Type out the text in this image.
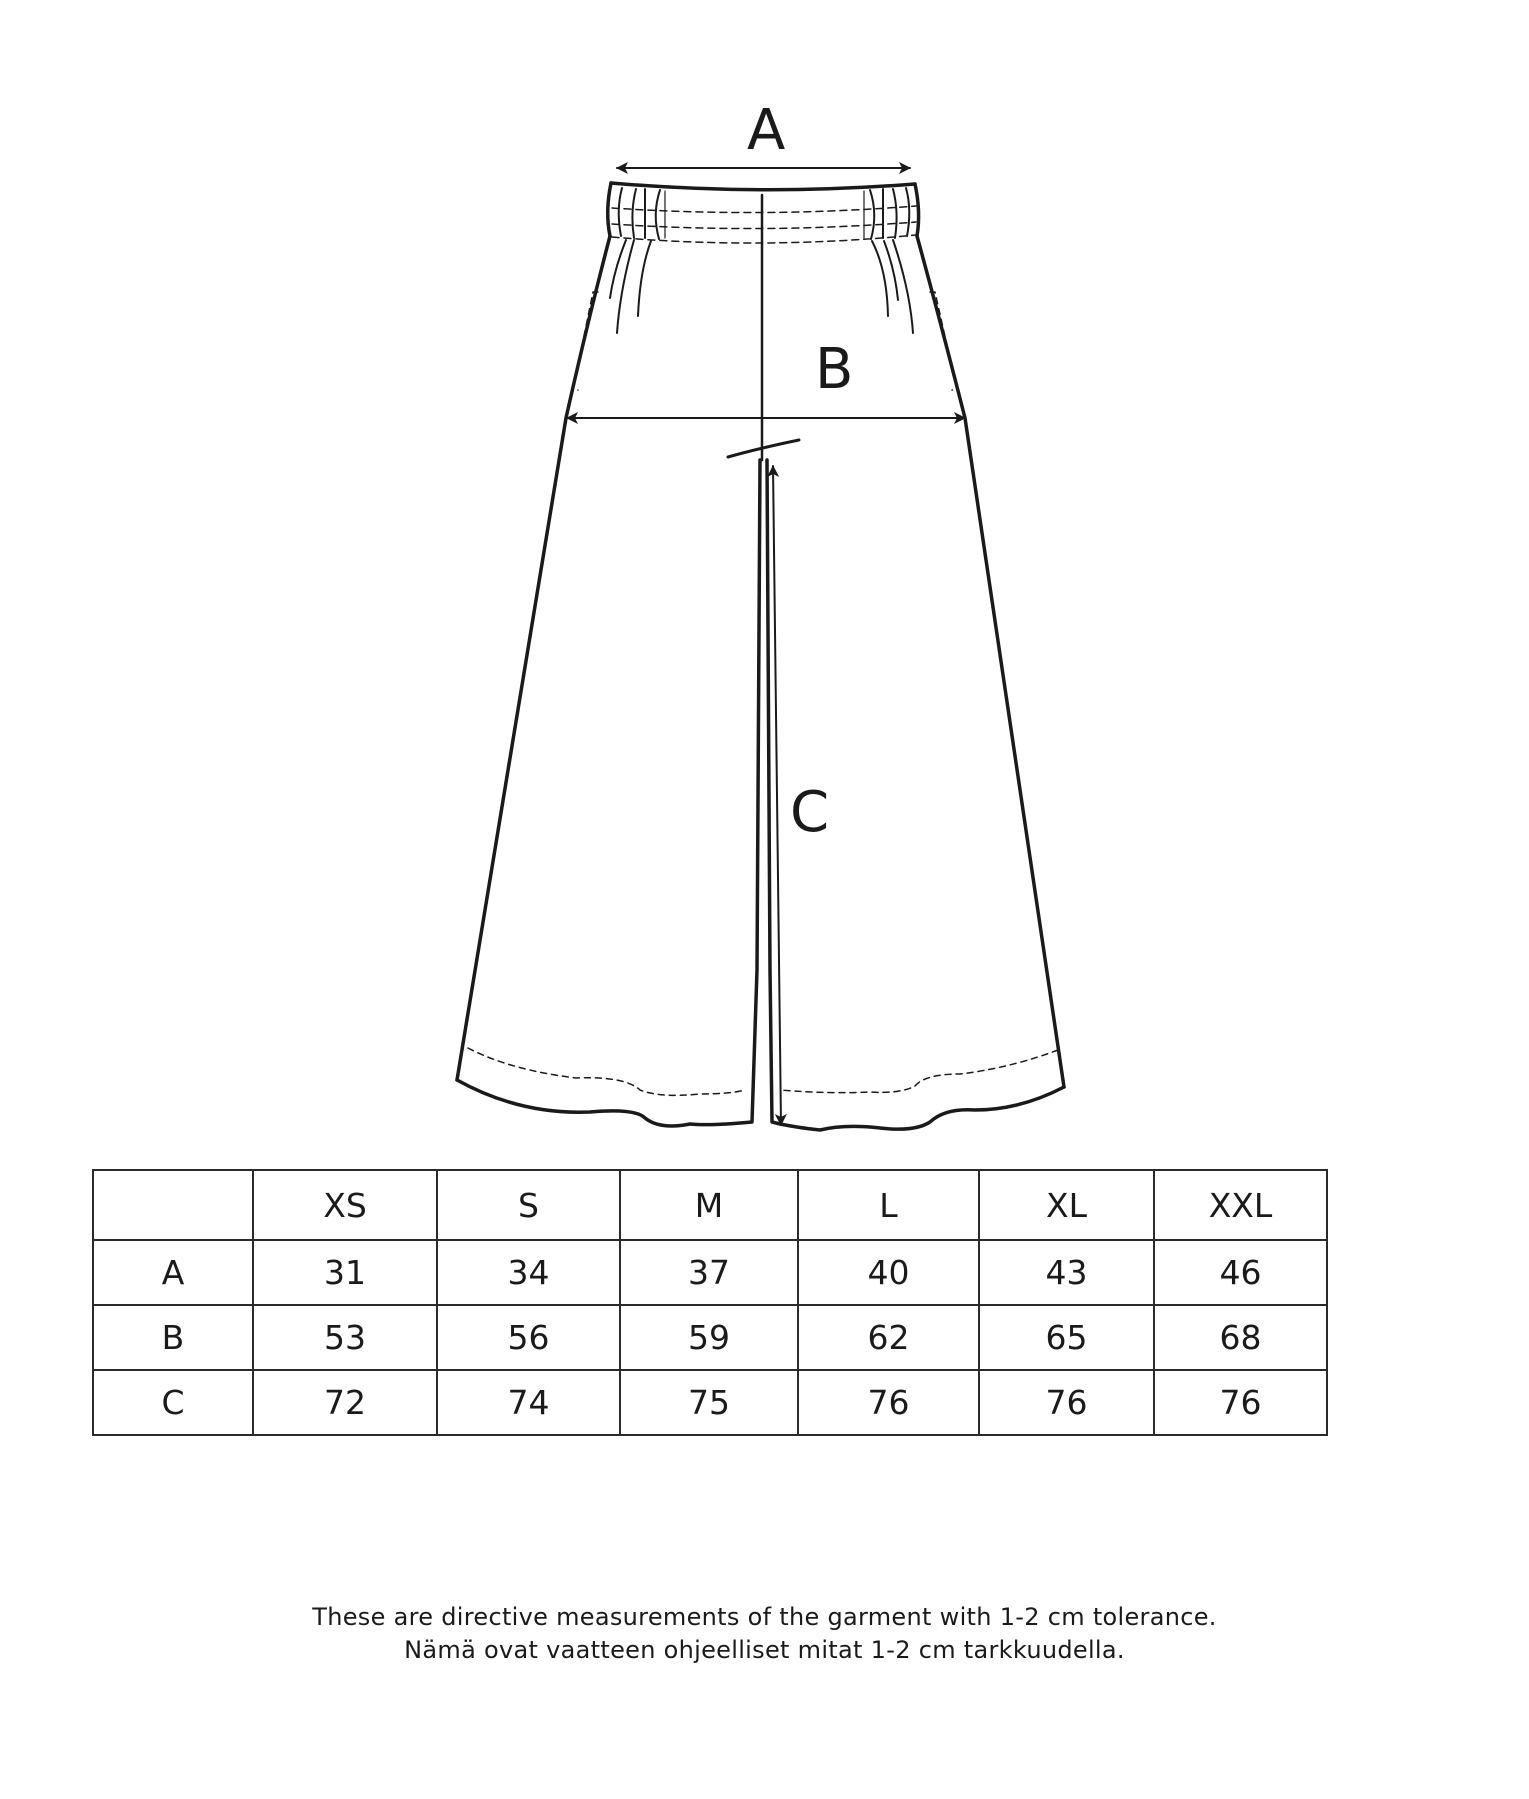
A
B
C
	XS	S	M	L	XL	XXL
A	31	34	37	40	43	46
B	53	56	59	62	65	68
C	72	74	75	76	76	76
These are directive measurements of the garment with 1-2 cm tolerance.
Nämä ovat vaatteen ohjeelliset mitat 1-2 cm tarkkuudella.
